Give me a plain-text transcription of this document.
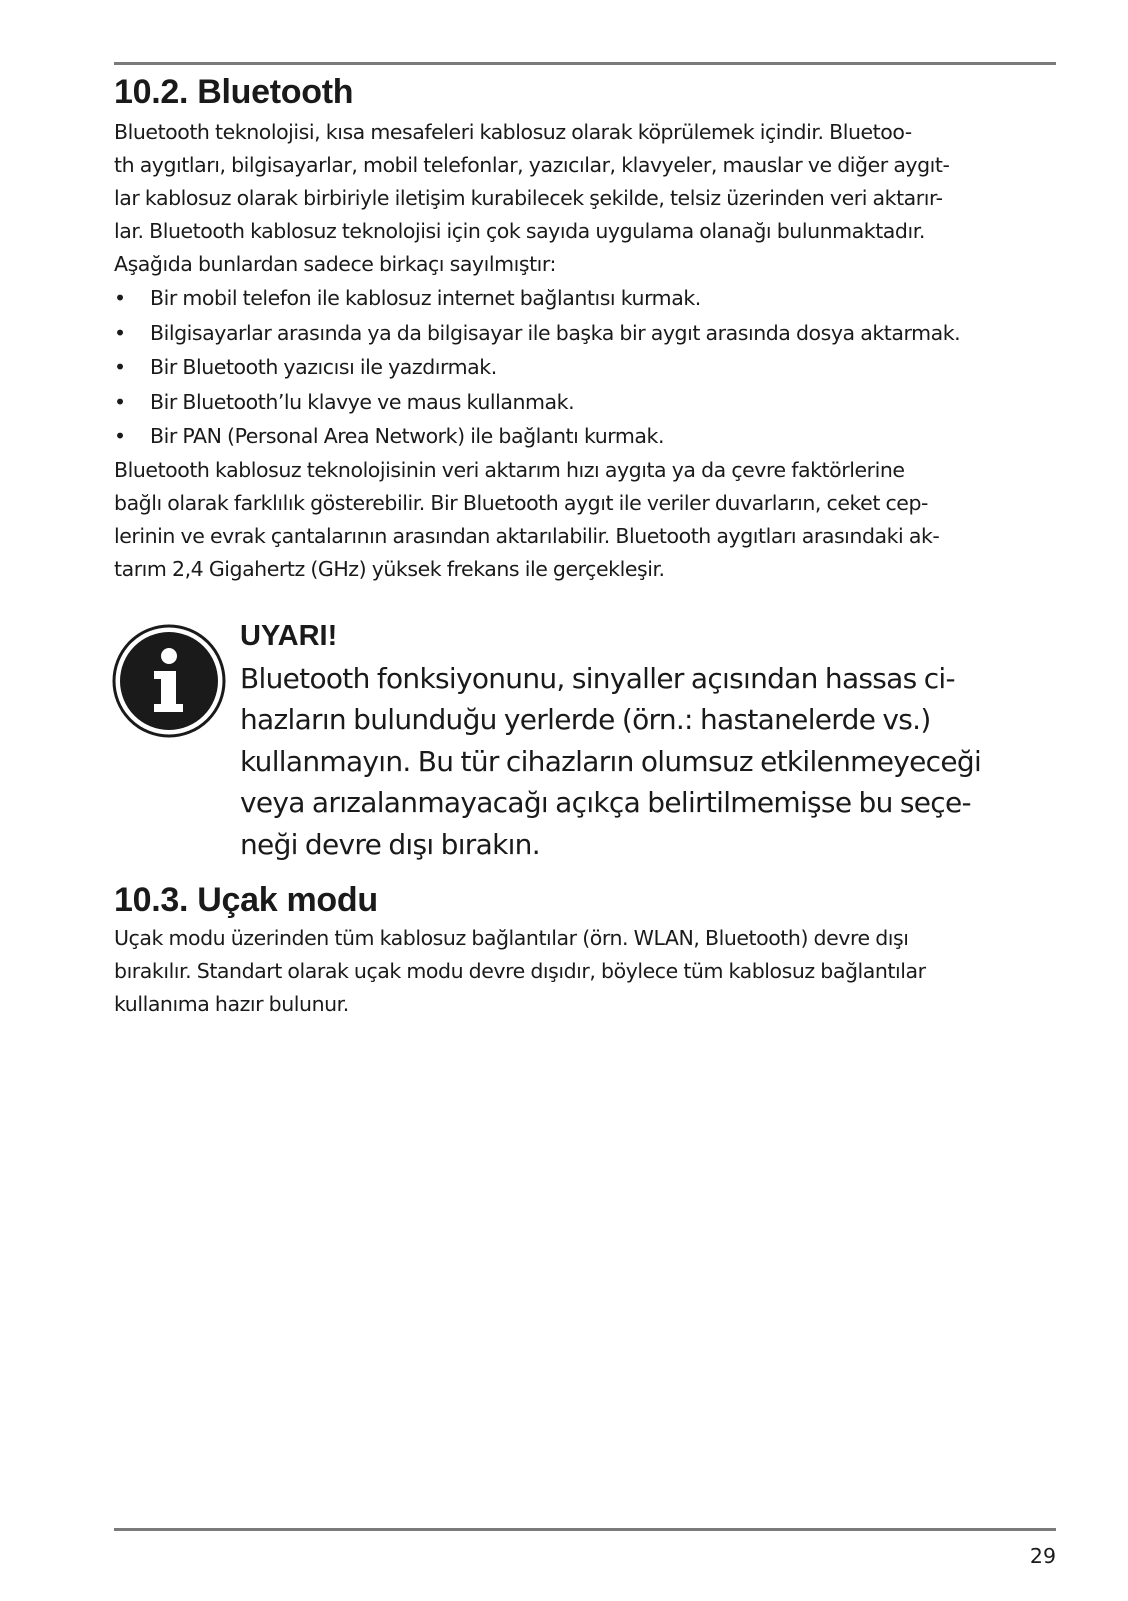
10.2. Bluetooth

Bluetooth teknolojisi, kısa mesafeleri kablosuz olarak köprülemek içindir. Bluetoo-

th aygıtları, bilgisayarlar, mobil telefonlar, yazıcılar, klavyeler, mauslar ve diğer aygıt-

lar kablosuz olarak birbiriyle iletişim kurabilecek şekilde, telsiz üzerinden veri aktarır-

lar. Bluetooth kablosuz teknolojisi için çok sayıda uygulama olanağı bulunmaktadır.

Aşağıda bunlardan sadece birkaçı sayılmıştır:

• Bir mobil telefon ile kablosuz internet bağlantısı kurmak.
• Bilgisayarlar arasında ya da bilgisayar ile başka bir aygıt arasında dosya aktarmak.
• Bir Bluetooth yazıcısı ile yazdırmak.
• Bir Bluetooth’lu klavye ve maus kullanmak.
• Bir PAN (Personal Area Network) ile bağlantı kurmak.

Bluetooth kablosuz teknolojisinin veri aktarım hızı aygıta ya da çevre faktörlerine

bağlı olarak farklılık gösterebilir. Bir Bluetooth aygıt ile veriler duvarların, ceket cep-

lerinin ve evrak çantalarının arasından aktarılabilir. Bluetooth aygıtları arasındaki ak-

tarım 2,4 Gigahertz (GHz) yüksek frekans ile gerçekleşir.

UYARI!
Bluetooth fonksiyonunu, sinyaller açısından hassas ci-
hazların bulunduğu yerlerde (örn.: hastanelerde vs.)
kullanmayın. Bu tür cihazların olumsuz etkilenmeyeceği
veya arızalanmayacağı açıkça belirtilmemişse bu seçe-
neği devre dışı bırakın.
10.3. Uçak modu

Uçak modu üzerinden tüm kablosuz bağlantılar (örn. WLAN, Bluetooth) devre dışı

bırakılır. Standart olarak uçak modu devre dışıdır, böylece tüm kablosuz bağlantılar

kullanıma hazır bulunur.

29
